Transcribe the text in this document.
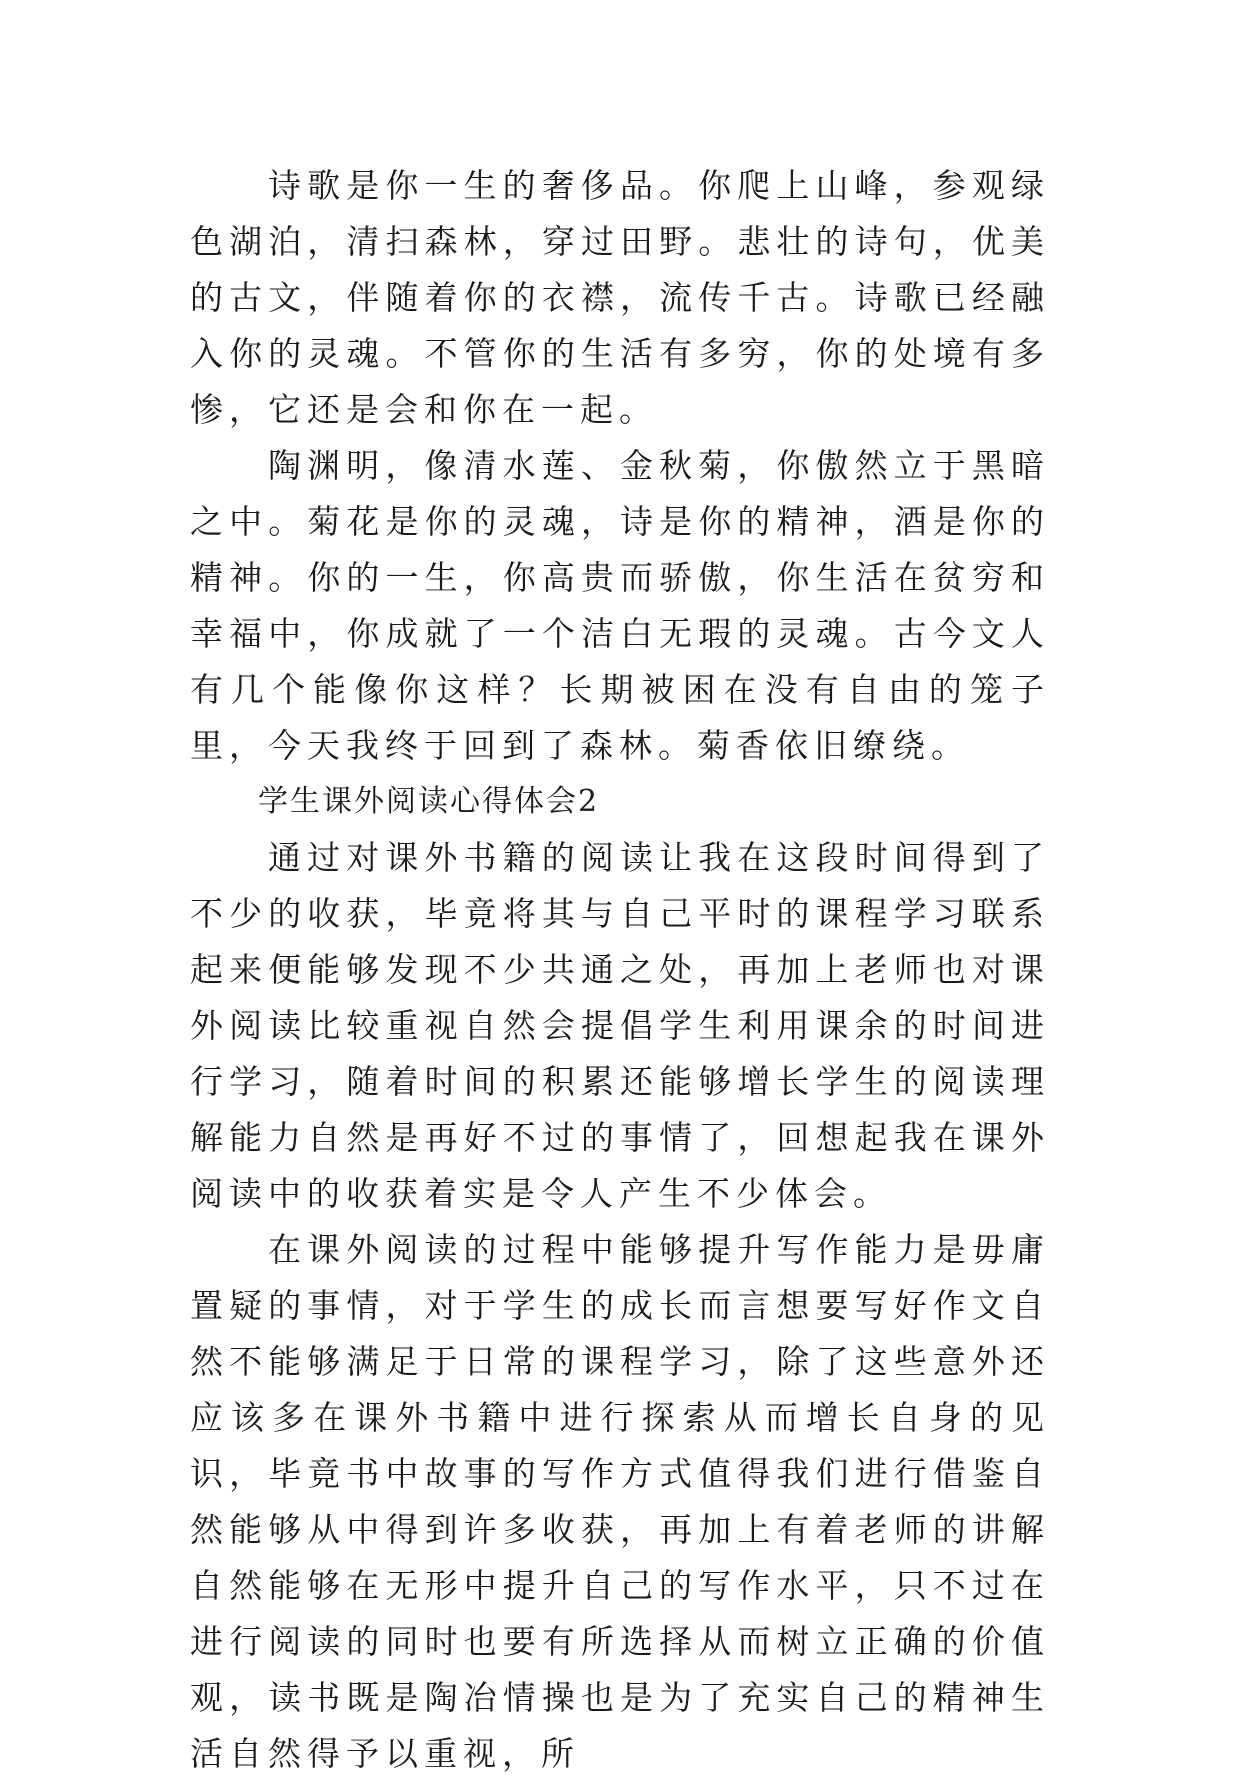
诗歌是你一生的奢侈品。你爬上山峰，参观绿色湖泊，清扫森林，穿过田野。悲壮的诗句，优美的古文，伴随着你的衣襟，流传千古。诗歌已经融入你的灵魂。不管你的生活有多穷，你的处境有多惨，它还是会和你在一起。

陶渊明，像清水莲、金秋菊，你傲然立于黑暗之中。菊花是你的灵魂，诗是你的精神，酒是你的精神。你的一生，你高贵而骄傲，你生活在贫穷和幸福中，你成就了一个洁白无瑕的灵魂。古今文人有几个能像你这样？长期被困在没有自由的笼子里，今天我终于回到了森林。菊香依旧缭绕。

学生课外阅读心得体会2

通过对课外书籍的阅读让我在这段时间得到了不少的收获，毕竟将其与自己平时的课程学习联系起来便能够发现不少共通之处，再加上老师也对课外阅读比较重视自然会提倡学生利用课余的时间进行学习，随着时间的积累还能够增长学生的阅读理解能力自然是再好不过的事情了，回想起我在课外阅读中的收获着实是令人产生不少体会。

在课外阅读的过程中能够提升写作能力是毋庸置疑的事情，对于学生的成长而言想要写好作文自然不能够满足于日常的课程学习，除了这些意外还应该多在课外书籍中进行探索从而增长自身的见识，毕竟书中故事的写作方式值得我们进行借鉴自然能够从中得到许多收获，再加上有着老师的讲解自然能够在无形中提升自己的写作水平，只不过在进行阅读的同时也要有所选择从而树立正确的价值观，读书既是陶冶情操也是为了充实自己的精神生活自然得予以重视，所
